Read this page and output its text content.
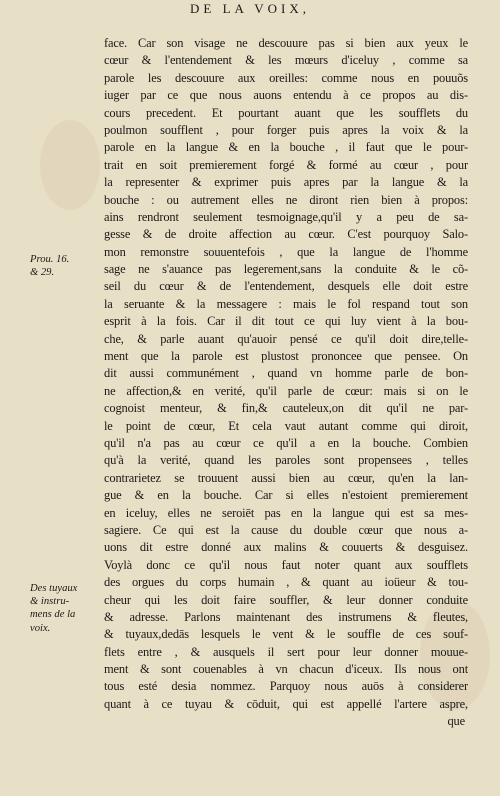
DE LA VOIX,
Prou. 16.
& 29.
Des tuyaux
& instru-
mens de la
voix.
face. Car son visage ne descouure pas si bien aux yeux le
cœur & l'entendement & les mœurs d'iceluy , comme sa
parole les descouure aux oreilles: comme nous en pouuõs
iuger par ce que nous auons entendu à ce propos au dis-
cours precedent. Et pourtant auant que les soufflets du
poulmon soufflent , pour forger puis apres la voix & la
parole en la langue & en la bouche , il faut que le pour-
trait en soit premierement forgé & formé au cœur , pour
la representer & exprimer puis apres par la langue & la
bouche : ou autrement elles ne diront rien bien à propos:
ains rendront seulement tesmoignage,qu'il y a peu de sa-
gesse & de droite affection au cœur. C'est pourquoy Salo-
mon remonstre souuentefois , que la langue de l'homme
sage ne s'auance pas legerement,sans la conduite & le cõ-
seil du cœur & de l'entendement, desquels elle doit estre
la seruante & la messagere : mais le fol respand tout son
esprit à la fois. Car il dit tout ce qui luy vient à la bou-
che, & parle auant qu'auoir pensé ce qu'il doit dire,telle-
ment que la parole est plustost prononcee que pensee. On
dit aussi communément , quand vn homme parle de bon-
ne affection,& en verité, qu'il parle de cœur: mais si on le
cognoist menteur, & fin,& cauteleux,on dit qu'il ne par-
le point de cœur, Et cela vaut autant comme qui diroit,
qu'il n'a pas au cœur ce qu'il a en la bouche. Combien
qu'à la verité, quand les paroles sont propensees , telles
contrarietez se trouuent aussi bien au cœur, qu'en la lan-
gue & en la bouche. Car si elles n'estoient premierement
en iceluy, elles ne seroiēt pas en la langue qui est sa mes-
sagiere. Ce qui est la cause du double cœur que nous a-
uons dit estre donné aux malins & couuerts & desguisez.
Voylà donc ce qu'il nous faut noter quant aux soufflets
des orgues du corps humain , & quant au ioüeur & tou-
cheur qui les doit faire souffler, & leur donner conduite
& adresse. Parlons maintenant des instrumens & fleutes,
& tuyaux,dedās lesquels le vent & le souffle de ces souf-
flets entre , & ausquels il sert pour leur donner mouue-
ment & sont couenables à vn chacun d'iceux. Ils nous ont
tous esté desia nommez. Parquoy nous auōs à considerer
quant à ce tuyau & cōduit, qui est appellé l'artere aspre,
que
